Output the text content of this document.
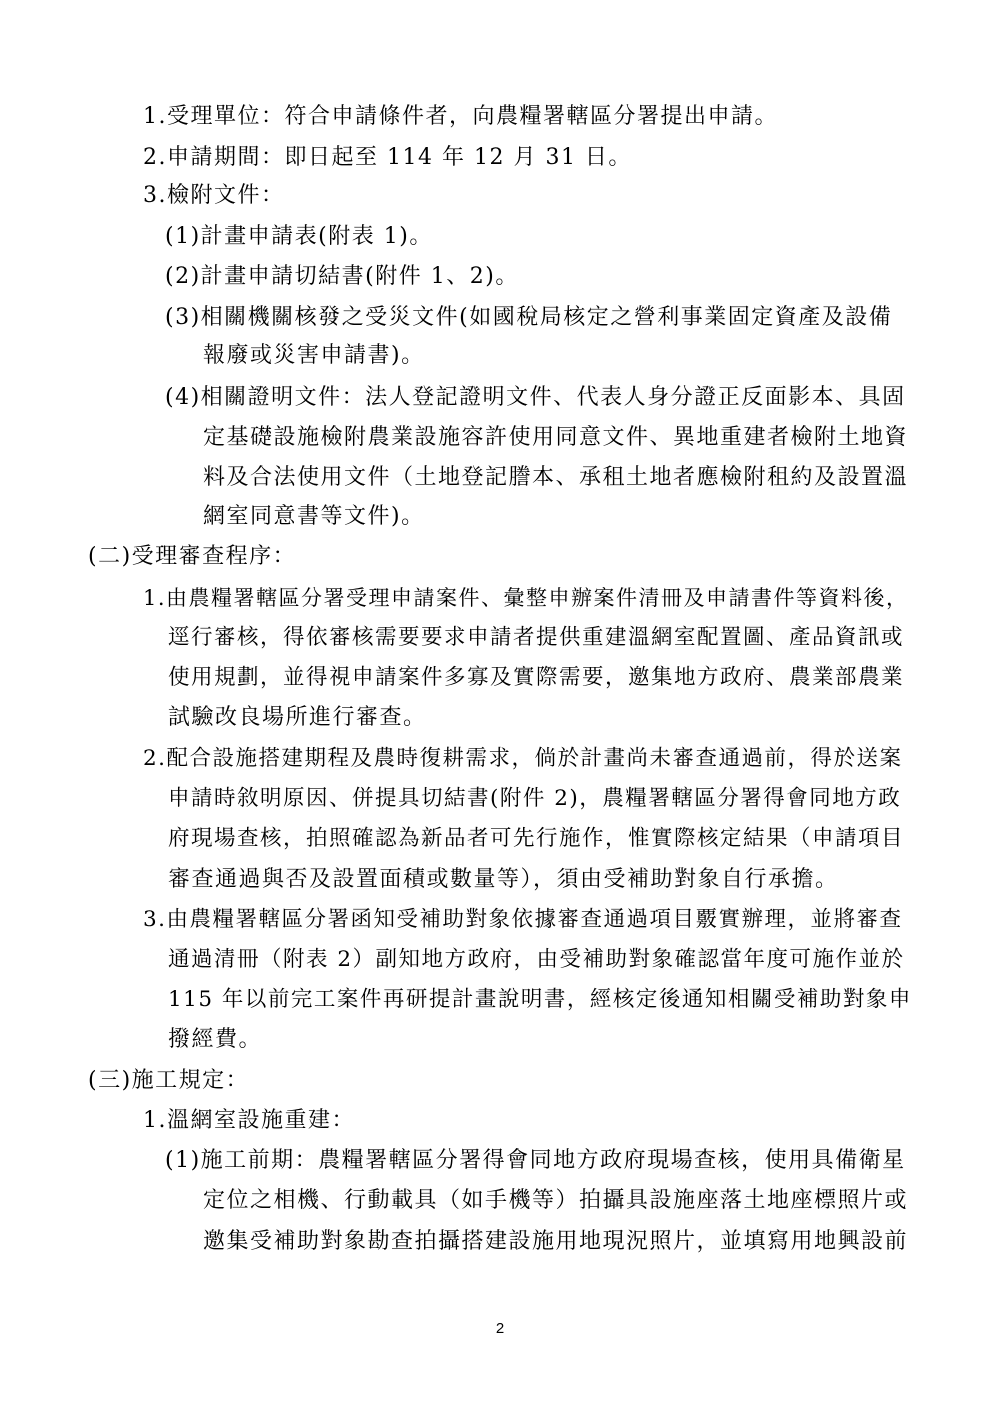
1.受理單位：符合申請條件者，向農糧署轄區分署提出申請。
2.申請期間：即日起至 114 年 12 月 31 日。
3.檢附文件：
(1)計畫申請表(附表 1)。
(2)計畫申請切結書(附件 1、2)。
(3)相關機關核發之受災文件(如國稅局核定之營利事業固定資產及設備
報廢或災害申請書)。
(4)相關證明文件：法人登記證明文件、代表人身分證正反面影本、具固
定基礎設施檢附農業設施容許使用同意文件、異地重建者檢附土地資
料及合法使用文件（土地登記謄本、承租土地者應檢附租約及設置溫
網室同意書等文件)。
(二)受理審查程序：
1.由農糧署轄區分署受理申請案件、彙整申辦案件清冊及申請書件等資料後，
逕行審核，得依審核需要要求申請者提供重建溫網室配置圖、產品資訊或
使用規劃，並得視申請案件多寡及實際需要，邀集地方政府、農業部農業
試驗改良場所進行審查。
2.配合設施搭建期程及農時復耕需求，倘於計畫尚未審查通過前，得於送案
申請時敘明原因、併提具切結書(附件 2)，農糧署轄區分署得會同地方政
府現場查核，拍照確認為新品者可先行施作，惟實際核定結果（申請項目
審查通過與否及設置面積或數量等），須由受補助對象自行承擔。
3.由農糧署轄區分署函知受補助對象依據審查通過項目覈實辦理，並將審查
通過清冊（附表 2）副知地方政府，由受補助對象確認當年度可施作並於
115 年以前完工案件再研提計畫說明書，經核定後通知相關受補助對象申
撥經費。
(三)施工規定：
1.溫網室設施重建：
(1)施工前期：農糧署轄區分署得會同地方政府現場查核，使用具備衛星
定位之相機、行動載具（如手機等）拍攝具設施座落土地座標照片或
邀集受補助對象勘查拍攝搭建設施用地現況照片，並填寫用地興設前
2
